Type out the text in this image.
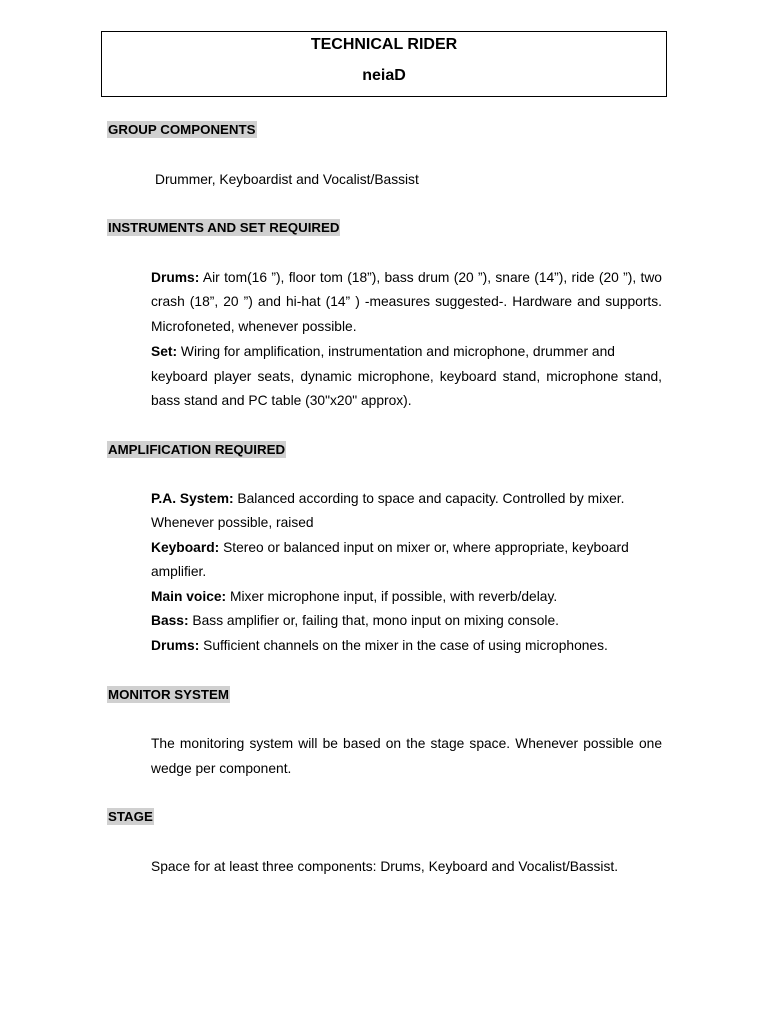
TECHNICAL RIDER
neiaD
GROUP COMPONENTS
Drummer, Keyboardist and Vocalist/Bassist
INSTRUMENTS AND SET REQUIRED
Drums: Air tom(16 ”), floor tom (18”), bass drum (20 ”), snare (14”), ride (20 ”), two
crash (18”, 20 ”) and hi-hat (14” ) -measures suggested-. Hardware and supports.
Microfoneted, whenever possible.
Set: Wiring for amplification, instrumentation and microphone, drummer and
keyboard player seats, dynamic microphone, keyboard stand, microphone stand,
bass stand and PC table (30"x20" approx).
AMPLIFICATION REQUIRED
P.A. System: Balanced according to space and capacity. Controlled by mixer.
Whenever possible, raised
Keyboard: Stereo or balanced input on mixer or, where appropriate, keyboard
amplifier.
Main voice: Mixer microphone input, if possible, with reverb/delay.
Bass: Bass amplifier or, failing that, mono input on mixing console.
Drums: Sufficient channels on the mixer in the case of using microphones.
MONITOR SYSTEM
The monitoring system will be based on the stage space. Whenever possible one
wedge per component.
STAGE
Space for at least three components: Drums, Keyboard and Vocalist/Bassist.
